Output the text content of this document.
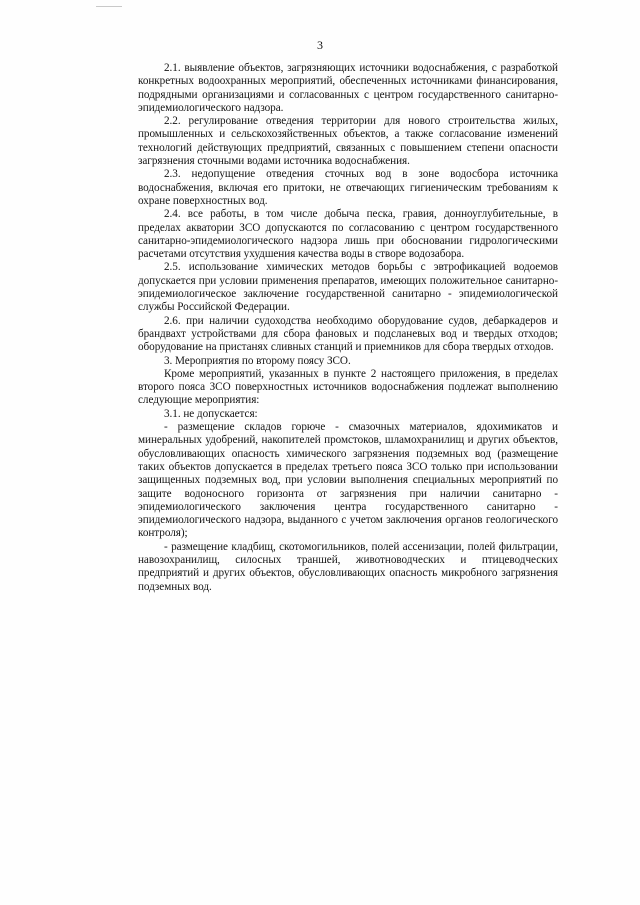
3

2.1. выявление объектов, загрязняющих источники водоснабжения, с разработкой конкретных водоохранных мероприятий, обеспеченных источниками финансирования, подрядными организациями и согласованных с центром государственного санитарно-эпидемиологического надзора.

2.2. регулирование отведения территории для нового строительства жилых, промышленных и сельскохозяйственных объектов, а также согласование изменений технологий действующих предприятий, связанных с повышением степени опасности загрязнения сточными водами источника водоснабжения.

2.3. недопущение отведения сточных вод в зоне водосбора источника водоснабжения, включая его притоки, не отвечающих гигиеническим требованиям к охране поверхностных вод.

2.4. все работы, в том числе добыча песка, гравия, донноуглубительные, в пределах акватории ЗСО допускаются по согласованию с центром государственного санитарно-эпидемиологического надзора лишь при обосновании гидрологическими расчетами отсутствия ухудшения качества воды в створе водозабора.

2.5. использование химических методов борьбы с эвтрофикацией водоемов допускается при условии применения препаратов, имеющих положительное санитарно-эпидемиологическое заключение государственной санитарно - эпидемиологической службы Российской Федерации.

2.6. при наличии судоходства необходимо оборудование судов, дебаркадеров и брандвахт устройствами для сбора фановых и подсланевых вод и твердых отходов; оборудование на пристанях сливных станций и приемников для сбора твердых отходов.

3. Мероприятия по второму поясу ЗСО.

Кроме мероприятий, указанных в пункте 2 настоящего приложения, в пределах второго пояса ЗСО поверхностных источников водоснабжения подлежат выполнению следующие мероприятия:

3.1. не допускается:

- размещение складов горюче - смазочных материалов, ядохимикатов и минеральных удобрений, накопителей промстоков, шламохранилищ и других объектов, обусловливающих опасность химического загрязнения подземных вод (размещение таких объектов допускается в пределах третьего пояса ЗСО только при использовании защищенных подземных вод, при условии выполнения специальных мероприятий по защите водоносного горизонта от загрязнения при наличии санитарно - эпидемиологического заключения центра государственного санитарно - эпидемиологического надзора, выданного с учетом заключения органов геологического контроля);

- размещение кладбищ, скотомогильников, полей ассенизации, полей фильтрации, навозохранилищ, силосных траншей, животноводческих и птицеводческих предприятий и других объектов, обусловливающих опасность микробного загрязнения подземных вод.
